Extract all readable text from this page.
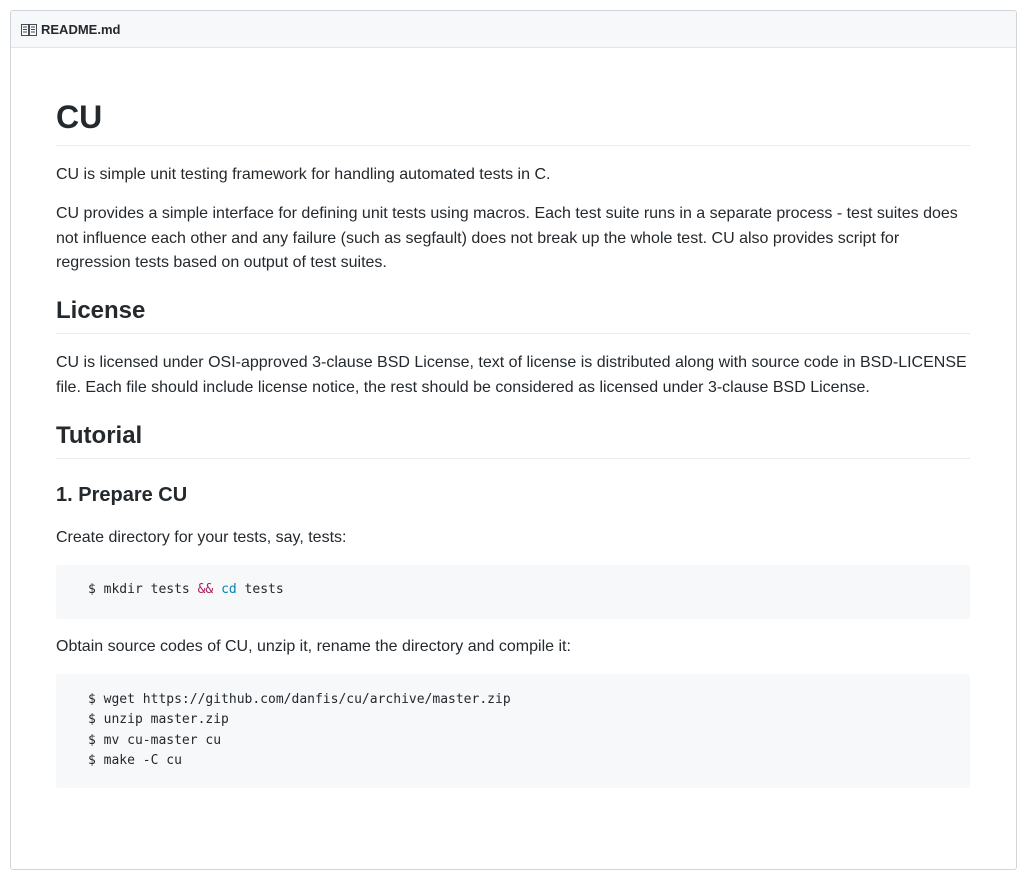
README.md
CU

CU is simple unit testing framework for handling automated tests in C.

CU provides a simple interface for defining unit tests using macros. Each test suite runs in a separate process - test suites does not influence each other and any failure (such as segfault) does not break up the whole test. CU also provides script for regression tests based on output of test suites.

License

CU is licensed under OSI-approved 3-clause BSD License, text of license is distributed along with source code in BSD-LICENSE file. Each file should include license notice, the rest should be considered as licensed under 3-clause BSD License.

Tutorial
1. Prepare CU

Create directory for your tests, say, tests:

$ mkdir tests && cd tests

Obtain source codes of CU, unzip it, rename the directory and compile it:

$ wget https://github.com/danfis/cu/archive/master.zip
$ unzip master.zip
$ mv cu-master cu
$ make -C cu
